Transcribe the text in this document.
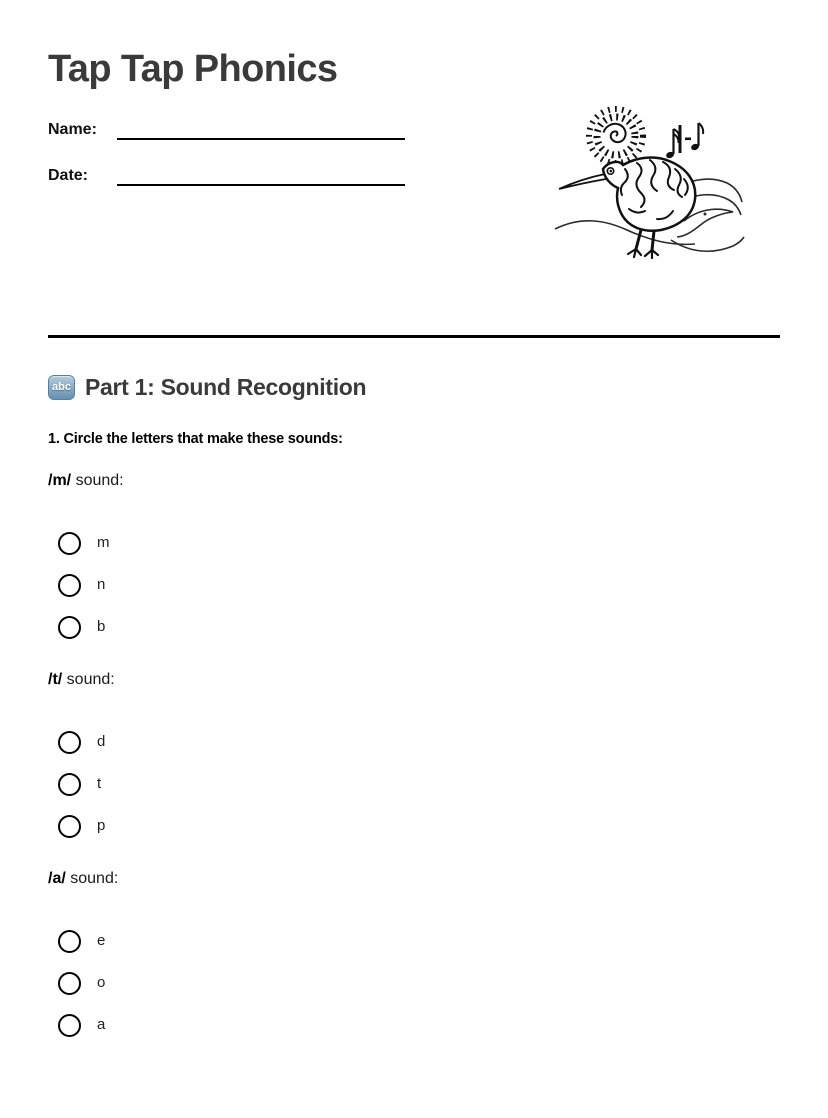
Tap Tap Phonics
Name:
Date:
abc Part 1: Sound Recognition

1. Circle the letters that make these sounds:

/m/ sound:

m
n
b

/t/ sound:

d
t
p

/a/ sound:

e
o
a
